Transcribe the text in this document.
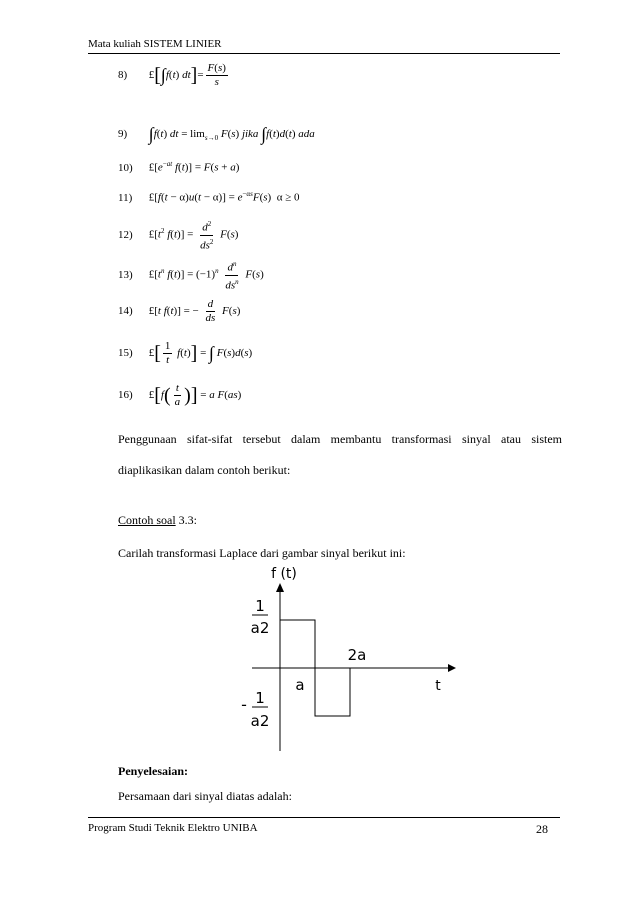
Mata kuliah SISTEM LINIER
8) £[∫f(t) $dt]= \frac{F(s)}{s}$
9) ∫f(t) dt = $\lim_{s\to 0} F(s)$ jika ∫f(t)d(t) ada
10) $£[e^{-at}$ f(t)] = F(s + a)
11) £[f(t − $\alpha)u(t - \alpha)] = e^{-\alpha s}F(s) \alpha \ge 0$
12) $£[t^2$ $f(t)] = \frac{d^2}{ds^2} F(s)$
13) $£[t^n$ $f(t)] = (-1)^n \frac{d^n}{ds^n} F(s)$
14) £[t f(t)] = − $\frac{d}{ds} F(s)$
15) £[ $\frac{1}{t} f(t)$] = ∫ F(s)d(s)
16) £[f( $\frac{t}{a}$ )] = a F(as)
Penggunaan sifat-sifat tersebut dalam membantu transformasi sinyal atau sistem
diaplikasikan dalam contoh berikut:
Contoh soal 3.3:
Carilah transformasi Laplace dari gambar sinyal berikut ini:
f (t)
t
a
2a
1
a2
- 1
a2
Penyelesaian:
Persamaan dari sinyal diatas adalah:
Program Studi Teknik Elektro UNIBA	28
